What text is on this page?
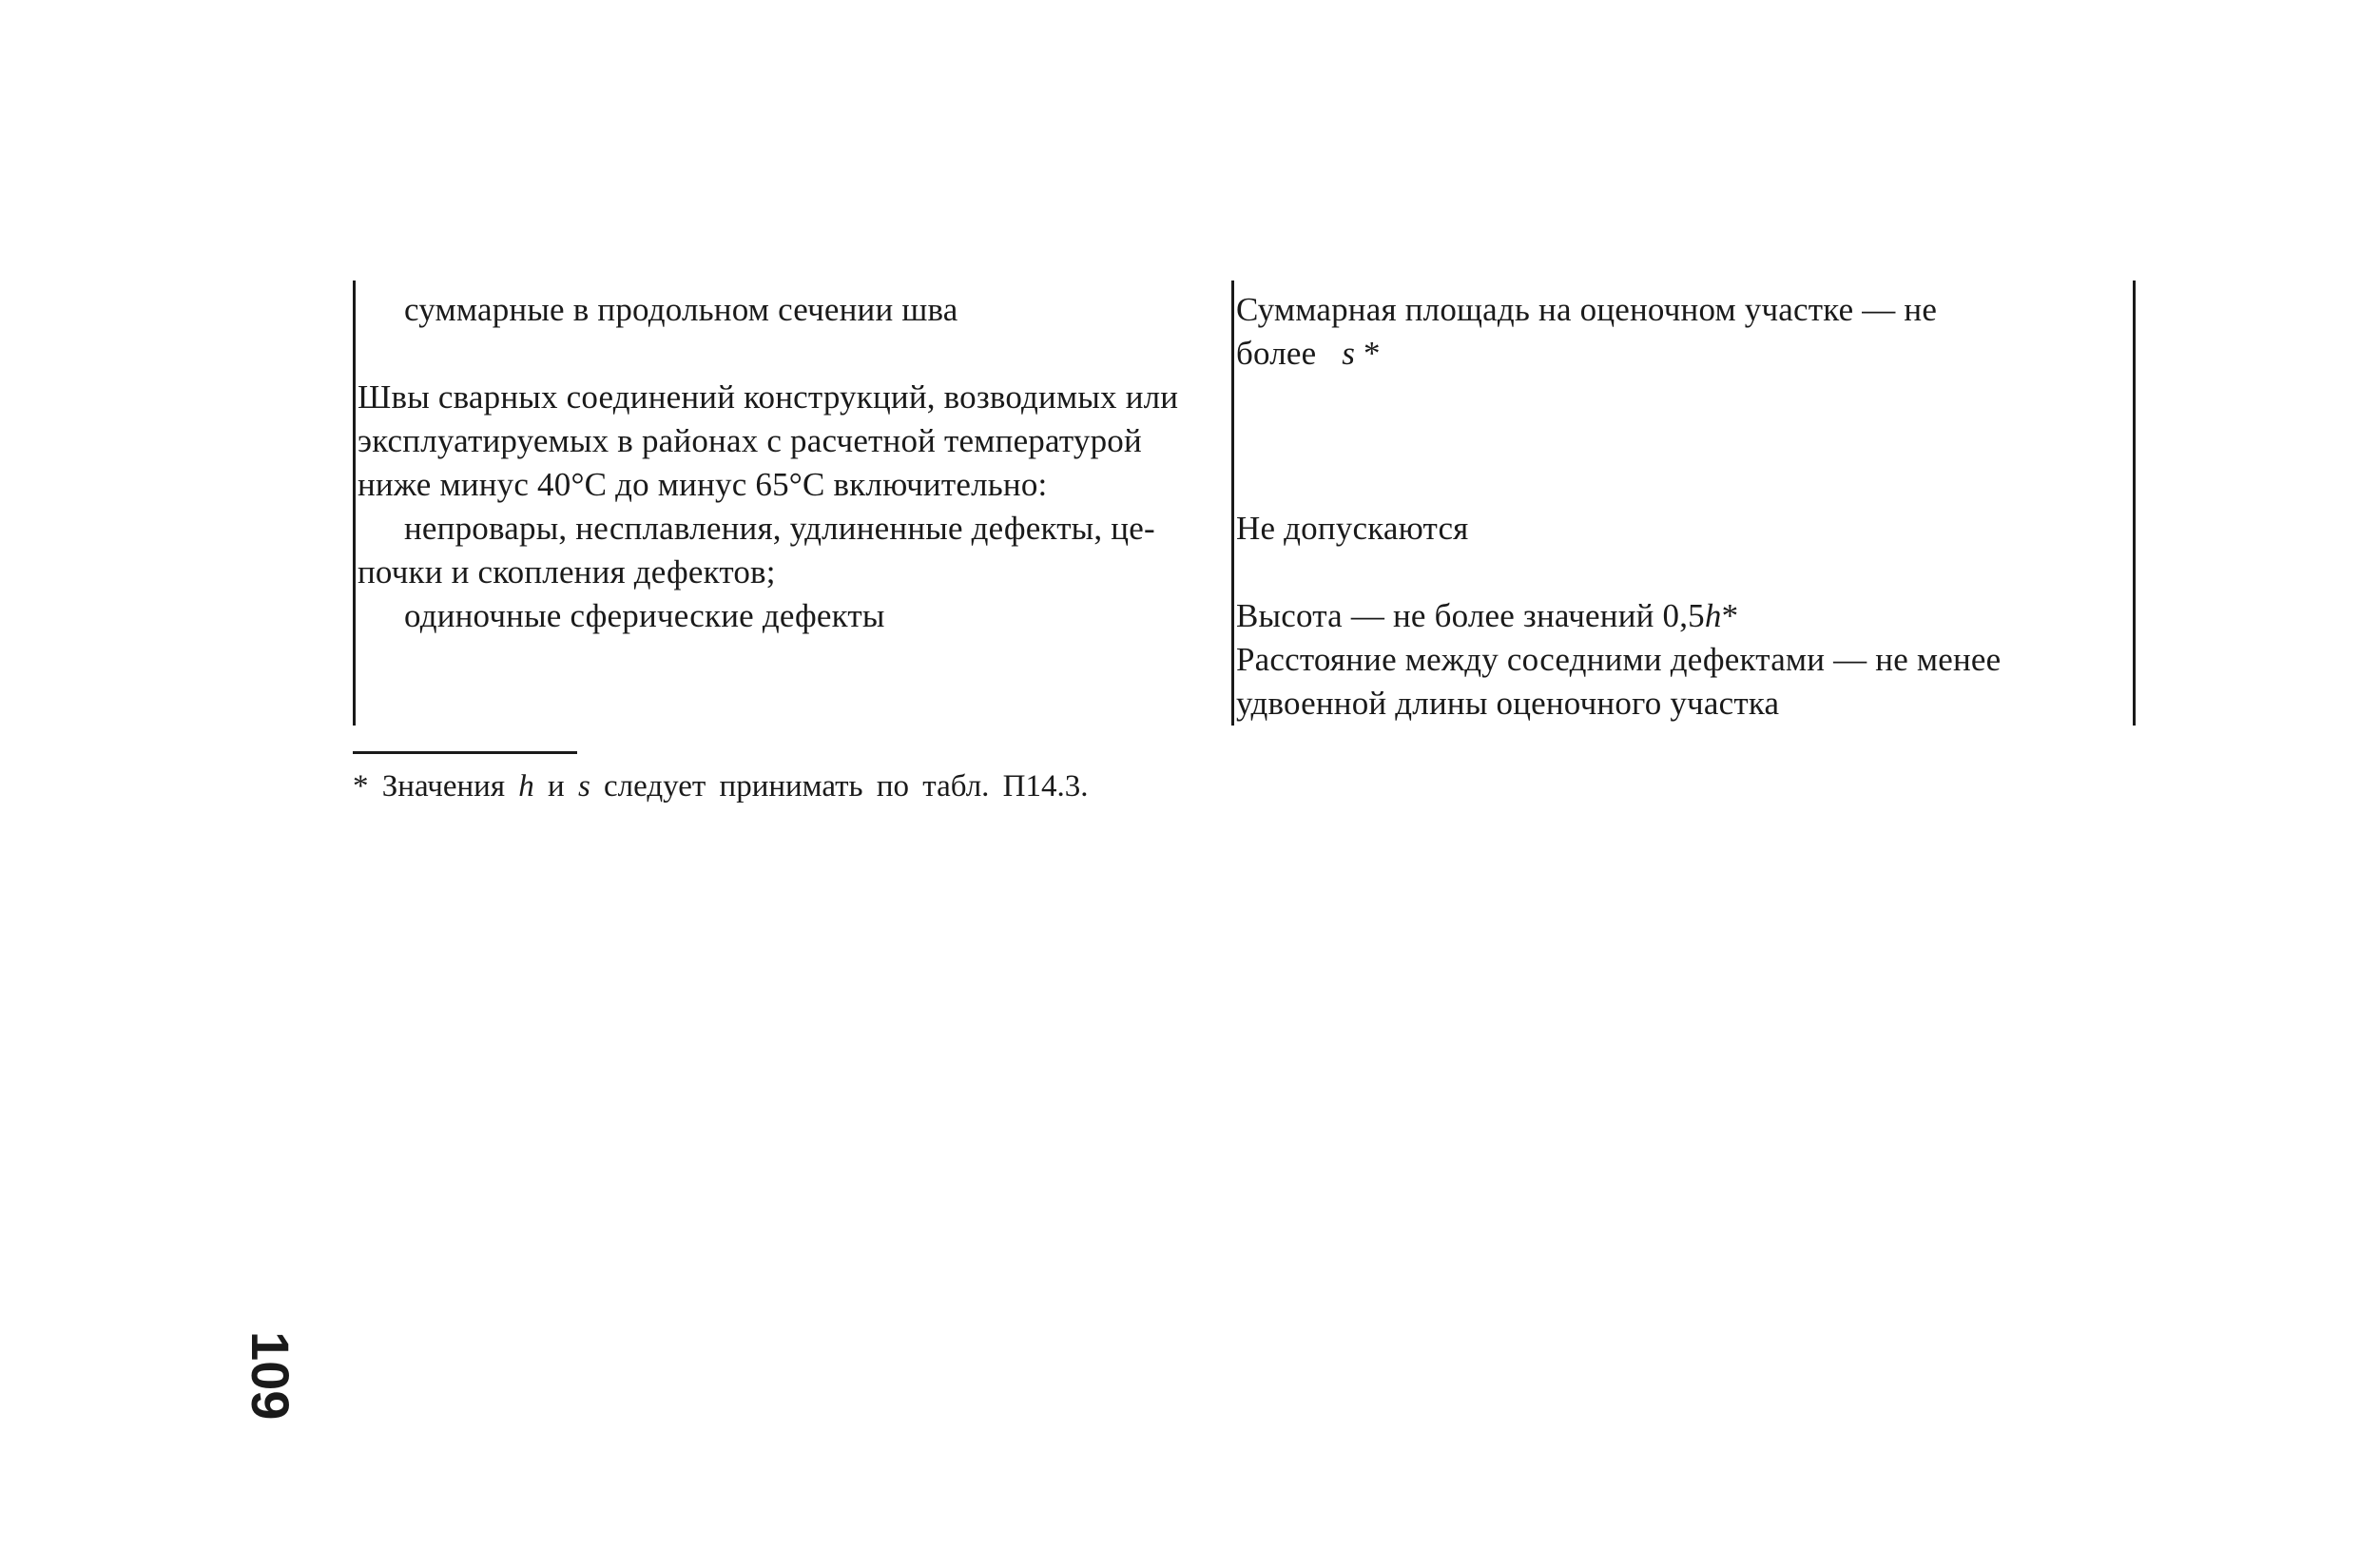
суммарные в продольном сечении шва	Суммарная площадь на оценочном участке — не
более s *
Швы сварных соединений конструкций, возводимых или
эксплуатируемых в районах с расчетной температурой
ниже минус 40°С до минус 65°С включительно:
непровары, несплавления, удлиненные дефекты, це-
почки и скопления дефектов;
Не допускаются
одиночные сферические дефекты	Высота — не более значений 0,5h*
Расстояние между соседними дефектами — не менее
удвоенной длины оценочного участка
* Значения h и s следует принимать по табл. П14.3.
109
